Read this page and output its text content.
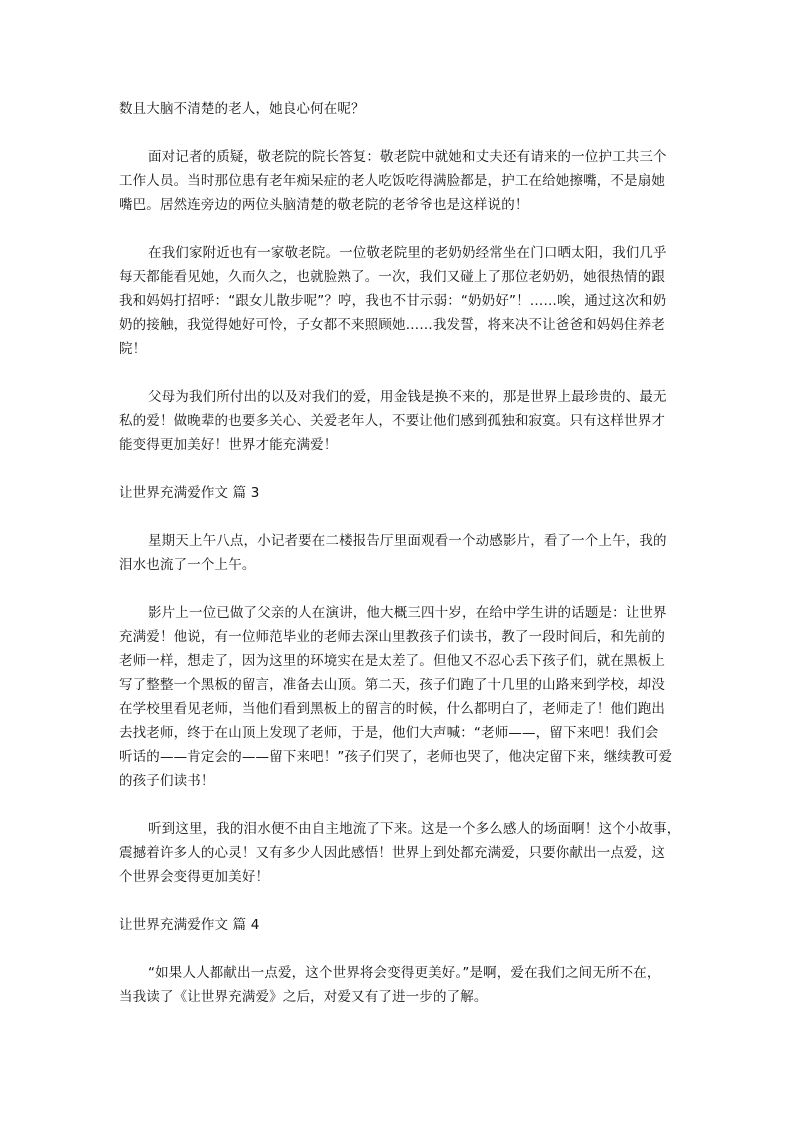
数且大脑不清楚的老人，她良心何在呢？
面对记者的质疑，敬老院的院长答复：敬老院中就她和丈夫还有请来的一位护工共三个
工作人员。当时那位患有老年痴呆症的老人吃饭吃得满脸都是，护工在给她擦嘴，不是扇她
嘴巴。居然连旁边的两位头脑清楚的敬老院的老爷爷也是这样说的！
在我们家附近也有一家敬老院。一位敬老院里的老奶奶经常坐在门口晒太阳，我们几乎
每天都能看见她，久而久之，也就脸熟了。一次，我们又碰上了那位老奶奶，她很热情的跟
我和妈妈打招呼：“跟女儿散步呢”？哼，我也不甘示弱：“奶奶好”！……唉，通过这次和奶
奶的接触，我觉得她好可怜，子女都不来照顾她……我发誓，将来决不让爸爸和妈妈住养老
院！
父母为我们所付出的以及对我们的爱，用金钱是换不来的，那是世界上最珍贵的、最无
私的爱！做晚辈的也要多关心、关爱老年人，不要让他们感到孤独和寂寞。只有这样世界才
能变得更加美好！世界才能充满爱！
让世界充满爱作文 篇 3
星期天上午八点，小记者要在二楼报告厅里面观看一个动感影片，看了一个上午，我的
泪水也流了一个上午。
影片上一位已做了父亲的人在演讲，他大概三四十岁，在给中学生讲的话题是：让世界
充满爱！他说，有一位师范毕业的老师去深山里教孩子们读书，教了一段时间后，和先前的
老师一样，想走了，因为这里的环境实在是太差了。但他又不忍心丢下孩子们，就在黑板上
写了整整一个黑板的留言，准备去山顶。第二天，孩子们跑了十几里的山路来到学校，却没
在学校里看见老师，当他们看到黑板上的留言的时候，什么都明白了，老师走了！他们跑出
去找老师，终于在山顶上发现了老师，于是，他们大声喊：“老师——，留下来吧！我们会
听话的——肯定会的——留下来吧！”孩子们哭了，老师也哭了，他决定留下来，继续教可爱
的孩子们读书！
听到这里，我的泪水便不由自主地流了下来。这是一个多么感人的场面啊！这个小故事，
震撼着许多人的心灵！又有多少人因此感悟！世界上到处都充满爱，只要你献出一点爱，这
个世界会变得更加美好！
让世界充满爱作文 篇 4
“如果人人都献出一点爱，这个世界将会变得更美好。”是啊，爱在我们之间无所不在，
当我读了《让世界充满爱》之后，对爱又有了进一步的了解。
